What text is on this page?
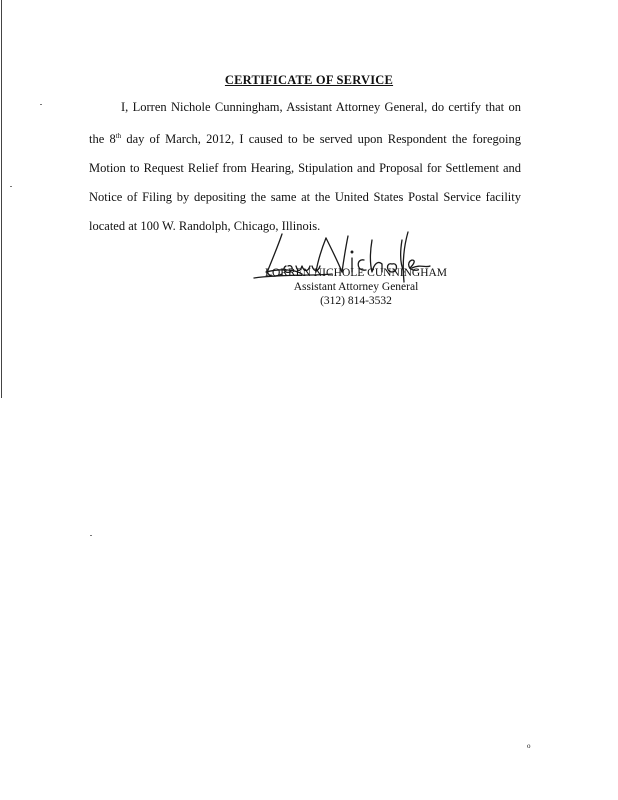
CERTIFICATE OF SERVICE

I, Lorren Nichole Cunningham, Assistant Attorney General, do certify that on the 8th day of March, 2012, I caused to be served upon Respondent the foregoing Motion to Request Relief from Hearing, Stipulation and Proposal for Settlement and Notice of Filing by depositing the same at the United States Postal Service facility located at 100 W. Randolph, Chicago, Illinois.

LORREN NICHOLE CUNNINGHAM
Assistant Attorney General
(312) 814-3532
o
